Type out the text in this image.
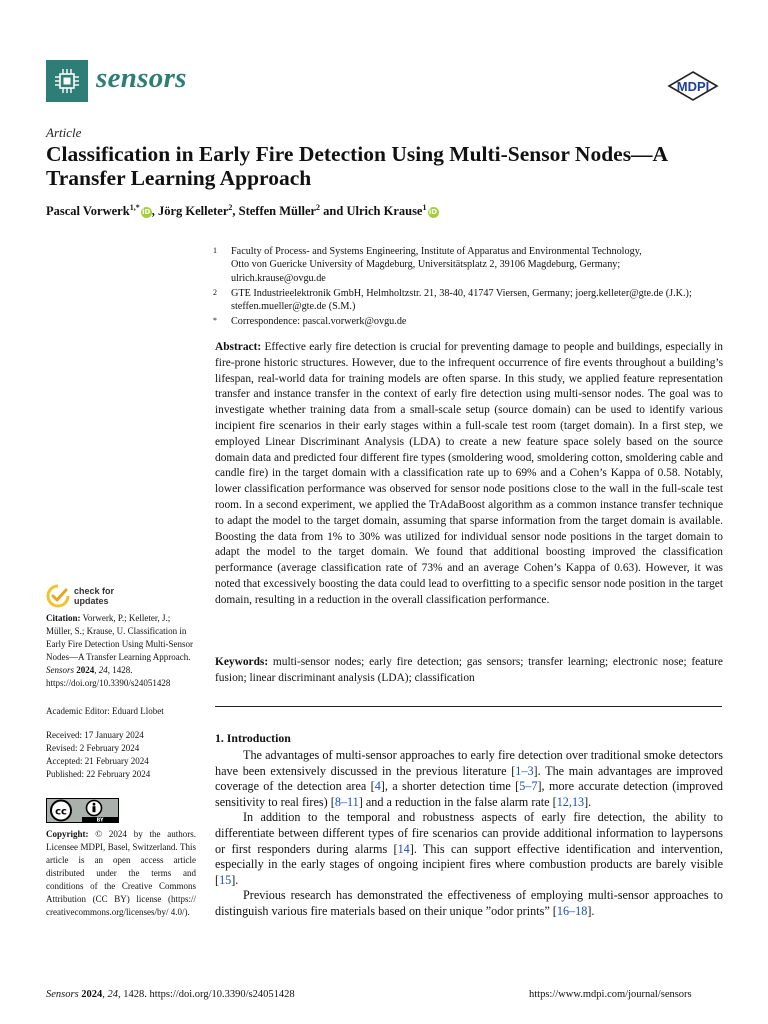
sensors	MDPI
Article
Classification in Early Fire Detection Using Multi-Sensor Nodes—A Transfer Learning Approach
Pascal Vorwerk$^{1,*}$iD, Jörg Kelleter$^2$, Steffen Müller$^2$ and Ulrich Krause$^1$iD
1 Faculty of Process- and Systems Engineering, Institute of Apparatus and Environmental Technology,
Otto von Guericke University of Magdeburg, Universitätsplatz 2, 39106 Magdeburg, Germany;
ulrich.krause@ovgu.de
2 GTE Industrieelektronik GmbH, Helmholtzstr. 21, 38-40, 41747 Viersen, Germany; joerg.kelleter@gte.de (J.K.);
steffen.mueller@gte.de (S.M.)
* Correspondence: pascal.vorwerk@ovgu.de
Abstract: Effective early fire detection is crucial for preventing damage to people and buildings, especially in fire-prone historic structures. However, due to the infrequent occurrence of fire events throughout a building’s lifespan, real-world data for training models are often sparse. In this study, we applied feature representation transfer and instance transfer in the context of early fire detection using multi-sensor nodes. The goal was to investigate whether training data from a small-scale setup (source domain) can be used to identify various incipient fire scenarios in their early stages within a full-scale test room (target domain). In a first step, we employed Linear Discriminant Analysis (LDA) to create a new feature space solely based on the source domain data and predicted four different fire types (smoldering wood, smoldering cotton, smoldering cable and candle fire) in the target domain with a classification rate up to 69% and a Cohen’s Kappa of 0.58. Notably, lower classification performance was observed for sensor node positions close to the wall in the full-scale test room. In a second experiment, we applied the TrAdaBoost algorithm as a common instance transfer technique to adapt the model to the target domain, assuming that sparse information from the target domain is available. Boosting the data from 1% to 30% was utilized for individual sensor node positions in the target domain to adapt the model to the target domain. We found that additional boosting improved the classification performance (average classification rate of 73% and an average Cohen’s Kappa of 0.63). However, it was noted that excessively boosting the data could lead to overfitting to a specific sensor node position in the target domain, resulting in a reduction in the overall classification performance.
Keywords: multi-sensor nodes; early fire detection; gas sensors; transfer learning; electronic nose; feature fusion; linear discriminant analysis (LDA); classification
1. Introduction

The advantages of multi-sensor approaches to early fire detection over traditional smoke detectors have been extensively discussed in the previous literature [1–3]. The main advantages are improved coverage of the detection area [4], a shorter detection time [5–7], more accurate detection (improved sensitivity to real fires) [8–11] and a reduction in the false alarm rate [12,13].

In addition to the temporal and robustness aspects of early fire detection, the ability to differentiate between different types of fire scenarios can provide additional information to laypersons or first responders during alarms [14]. This can support effective identification and intervention, especially in the early stages of ongoing incipient fires where combustion products are barely visible [15].

Previous research has demonstrated the effectiveness of employing multi-sensor approaches to distinguish various fire materials based on their unique ”odor prints” [16–18].

check for
updates
Citation: Vorwerk, P.; Kelleter, J.; Müller, S.; Krause, U. Classification in Early Fire Detection Using Multi-Sensor Nodes—A Transfer Learning Approach. Sensors 2024, 24, 1428. https://doi.org/10.3390/s24051428
Academic Editor: Eduard Llobet
Received: 17 January 2024
Revised: 2 February 2024
Accepted: 21 February 2024
Published: 22 February 2024
cc
BY
Copyright: © 2024 by the authors. Licensee MDPI, Basel, Switzerland. This article is an open access article distributed under the terms and conditions of the Creative Commons Attribution (CC BY) license (https:// creativecommons.org/licenses/by/ 4.0/).
Sensors 2024, 24, 1428. https://doi.org/10.3390/s24051428	https://www.mdpi.com/journal/sensors
